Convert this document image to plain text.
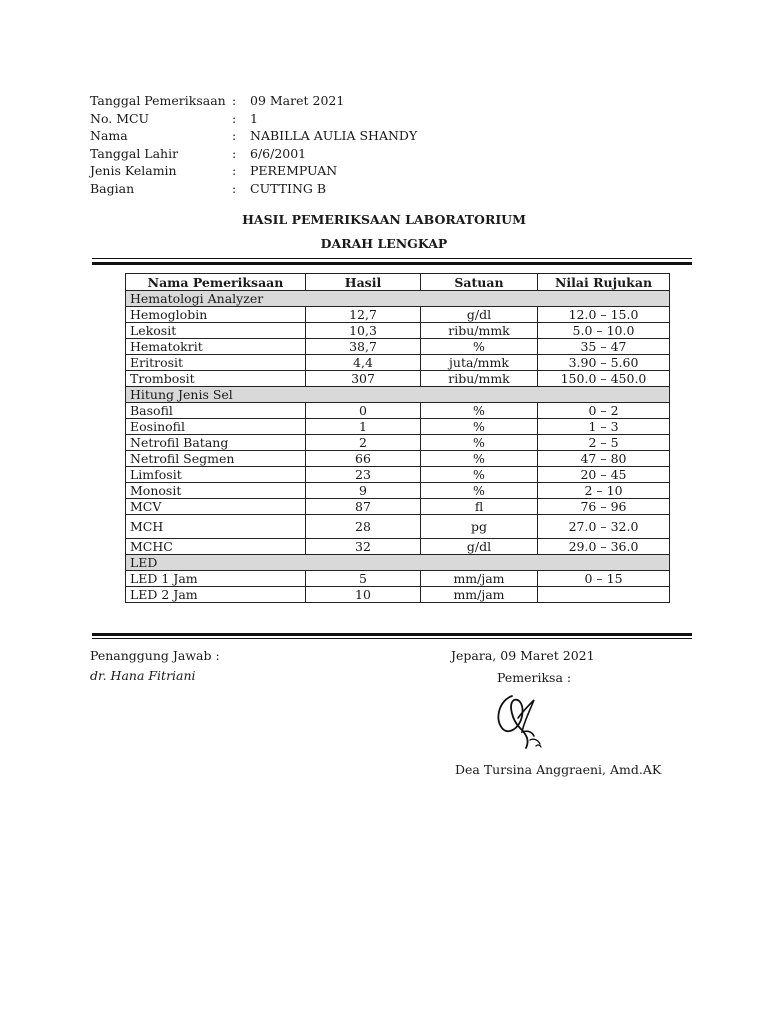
Tanggal Pemeriksaan :	09 Maret 2021
No. MCU	:	1
Nama	:	NABILLA AULIA SHANDY
Tanggal Lahir	:	6/6/2001
Jenis Kelamin	:	PEREMPUAN
Bagian	:	CUTTING B
HASIL PEMERIKSAAN LABORATORIUM
DARAH LENGKAP
Nama Pemeriksaan	Hasil	Satuan	Nilai Rujukan
Hematologi Analyzer			
Hemoglobin	12,7	g/dl	12.0 – 15.0
Lekosit	10,3	ribu/mmk	5.0 – 10.0
Hematokrit	38,7	%	35 – 47
Eritrosit	4,4	juta/mmk	3.90 – 5.60
Trombosit	307	ribu/mmk	150.0 – 450.0
Hitung Jenis Sel			
Basofil	0	%	0 – 2
Eosinofil	1	%	1 – 3
Netrofil Batang	2	%	2 – 5
Netrofil Segmen	66	%	47 – 80
Limfosit	23	%	20 – 45
Monosit	9	%	2 – 10
MCV	87	fl	76 – 96
MCH	28	pg	27.0 – 32.0
MCHC	32	g/dl	29.0 – 36.0
LED			
LED 1 Jam	5	mm/jam	0 – 15
LED 2 Jam	10	mm/jam	
Penanggung Jawab :
dr. Hana Fitriani
Jepara, 09 Maret 2021
Pemeriksa :
Dea Tursina Anggraeni, Amd.AK
